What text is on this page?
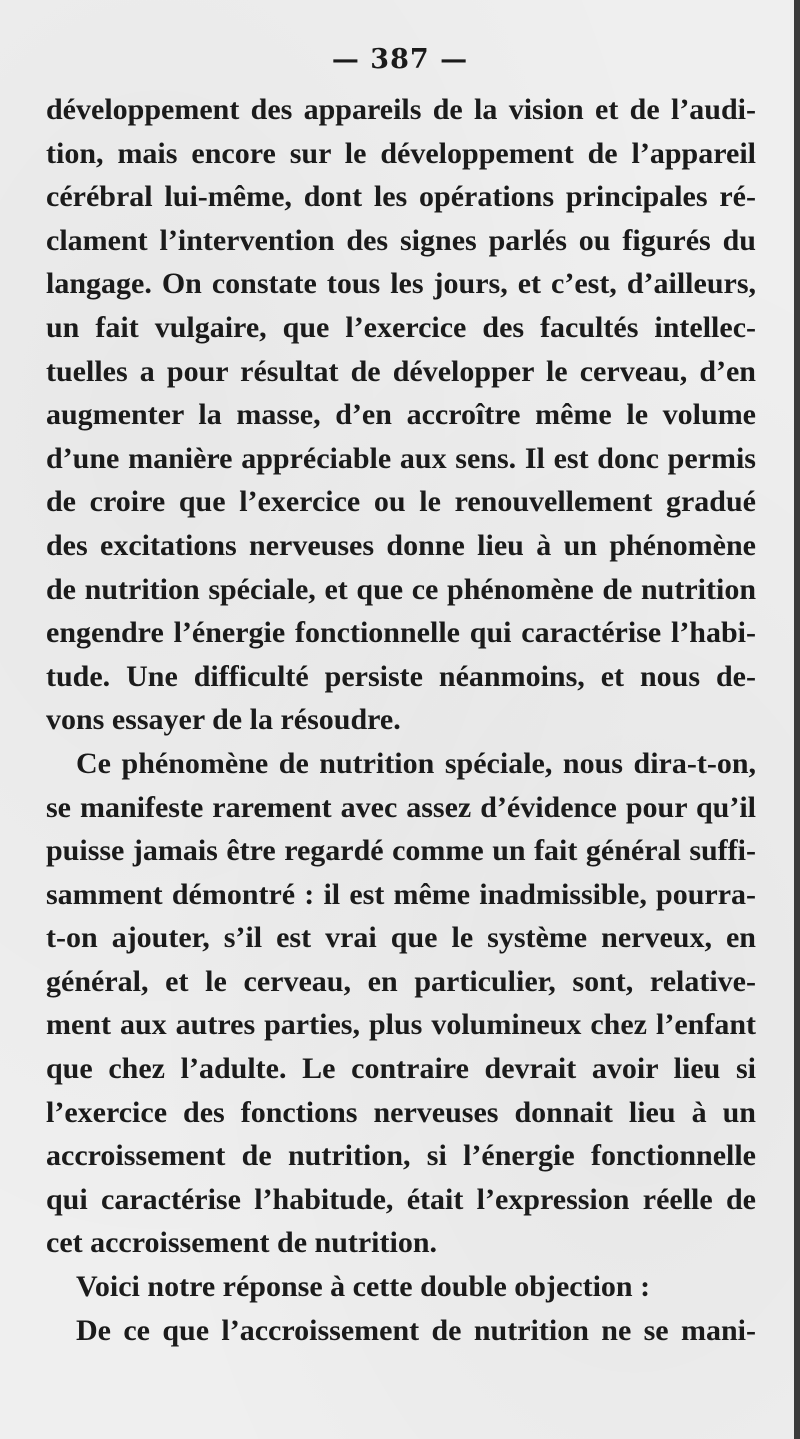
— 387 —
développement des appareils de la vision et de l’audi-
tion, mais encore sur le développement de l’appareil
cérébral lui-même, dont les opérations principales ré-
clament l’intervention des signes parlés ou figurés du
langage. On constate tous les jours, et c’est, d’ailleurs,
un fait vulgaire, que l’exercice des facultés intellec-
tuelles a pour résultat de développer le cerveau, d’en
augmenter la masse, d’en accroître même le volume
d’une manière appréciable aux sens. Il est donc permis
de croire que l’exercice ou le renouvellement gradué
des excitations nerveuses donne lieu à un phénomène
de nutrition spéciale, et que ce phénomène de nutrition
engendre l’énergie fonctionnelle qui caractérise l’habi-
tude. Une difficulté persiste néanmoins, et nous de-
vons essayer de la résoudre.
Ce phénomène de nutrition spéciale, nous dira-t-on,
se manifeste rarement avec assez d’évidence pour qu’il
puisse jamais être regardé comme un fait général suffi-
samment démontré : il est même inadmissible, pourra-
t-on ajouter, s’il est vrai que le système nerveux, en
général, et le cerveau, en particulier, sont, relative-
ment aux autres parties, plus volumineux chez l’enfant
que chez l’adulte. Le contraire devrait avoir lieu si
l’exercice des fonctions nerveuses donnait lieu à un
accroissement de nutrition, si l’énergie fonctionnelle
qui caractérise l’habitude, était l’expression réelle de
cet accroissement de nutrition.
Voici notre réponse à cette double objection :
De ce que l’accroissement de nutrition ne se mani-
